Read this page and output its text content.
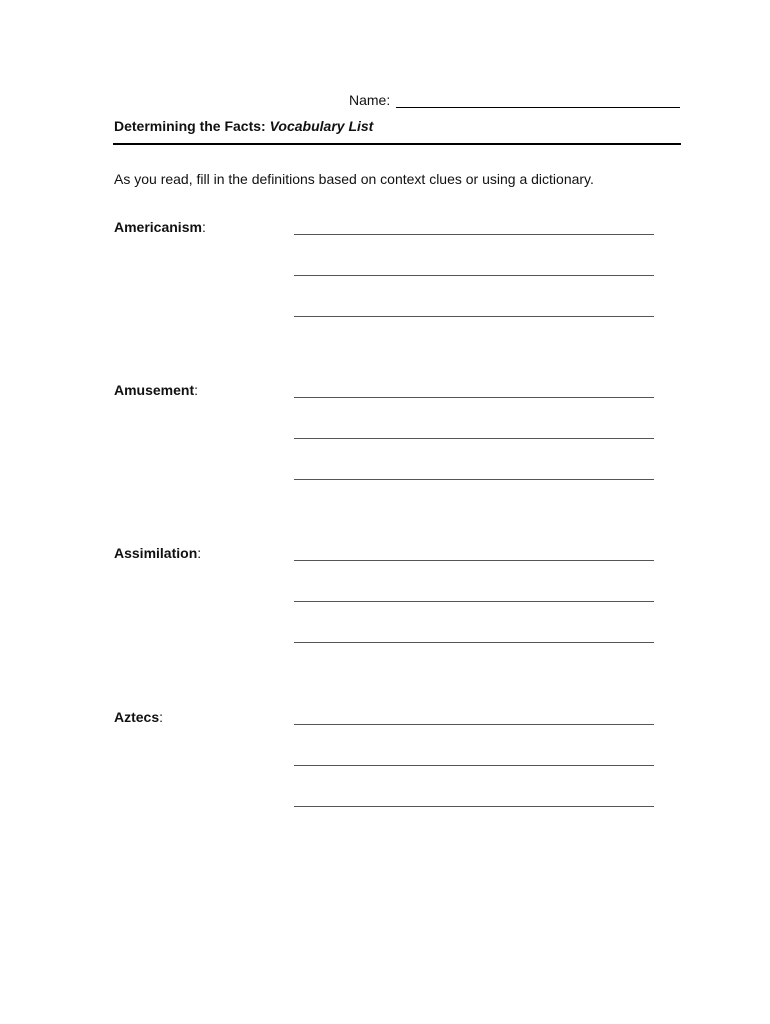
Name:
Determining the Facts: Vocabulary List
As you read, fill in the definitions based on context clues or using a dictionary.
Americanism:
Amusement:
Assimilation:
Aztecs:
